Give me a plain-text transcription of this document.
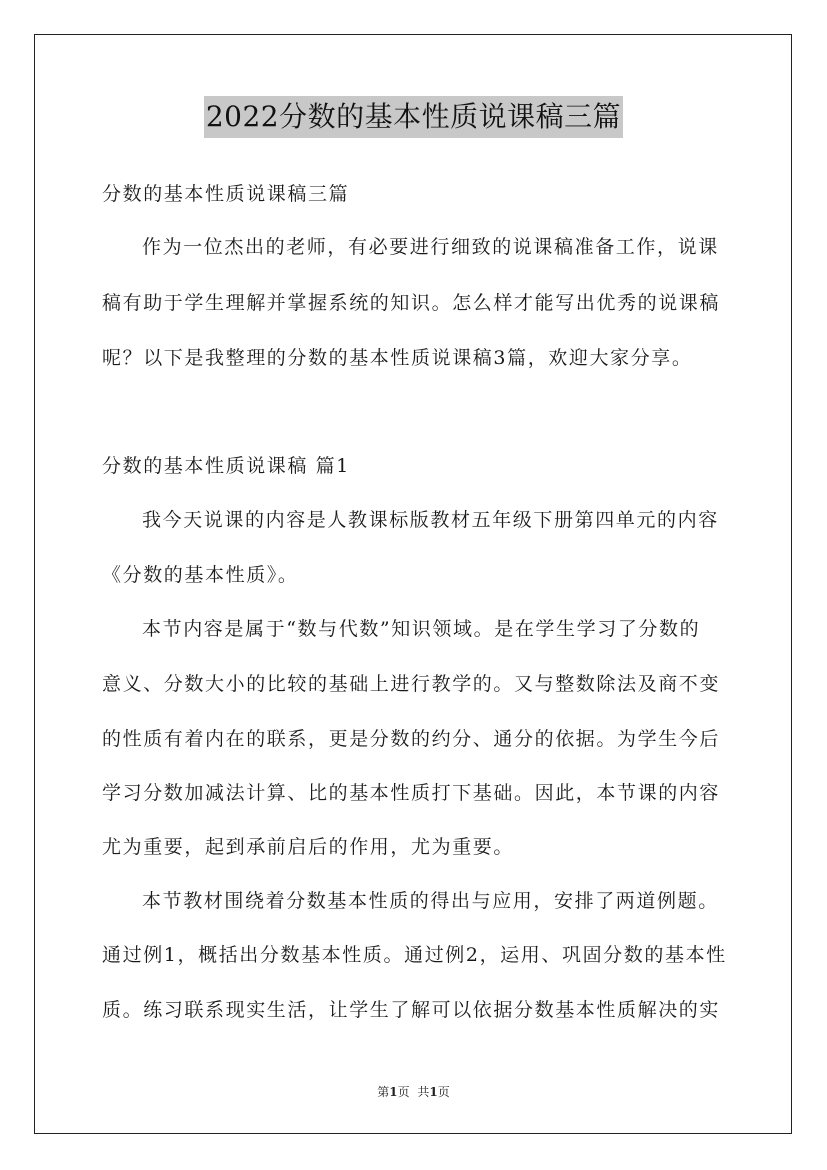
2022分数的基本性质说课稿三篇
分数的基本性质说课稿三篇
作为一位杰出的老师，有必要进行细致的说课稿准备工作，说课
稿有助于学生理解并掌握系统的知识。怎么样才能写出优秀的说课稿
呢？以下是我整理的分数的基本性质说课稿3篇，欢迎大家分享。
分数的基本性质说课稿 篇1
我今天说课的内容是人教课标版教材五年级下册第四单元的内容
《分数的基本性质》。
本节内容是属于“数与代数”知识领域。是在学生学习了分数的
意义、分数大小的比较的基础上进行教学的。又与整数除法及商不变
的性质有着内在的联系，更是分数的约分、通分的依据。为学生今后
学习分数加减法计算、比的基本性质打下基础。因此，本节课的内容
尤为重要，起到承前启后的作用，尤为重要。
本节教材围绕着分数基本性质的得出与应用，安排了两道例题。
通过例1，概括出分数基本性质。通过例2，运用、巩固分数的基本性
质。练习联系现实生活，让学生了解可以依据分数基本性质解决的实
第1页 共1页
